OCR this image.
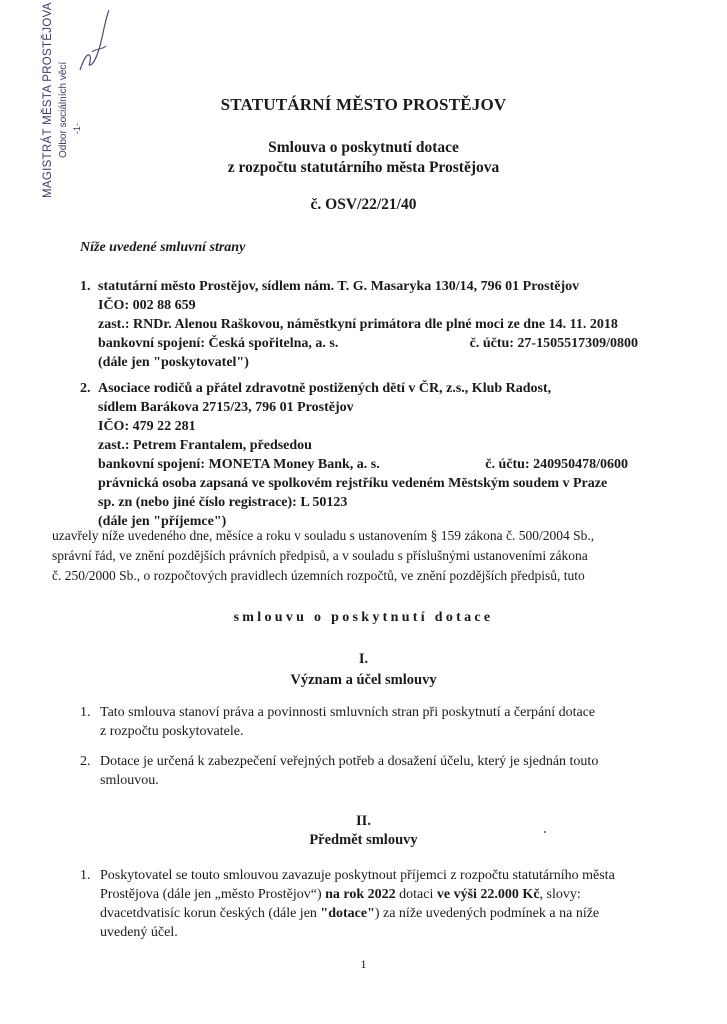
MAGISTRÁT MĚSTA PROSTĚJOVA Odbor sociálních věcí -1-
STATUTÁRNÍ MĚSTO PROSTĚJOV
Smlouva o poskytnutí dotace
z rozpočtu statutárního města Prostějova
č. OSV/22/21/40
Níže uvedené smluvní strany
1. statutární město Prostějov, sídlem nám. T. G. Masaryka 130/14, 796 01 Prostějov
IČO: 002 88 659
zast.: RNDr. Alenou Raškovou, náměstkyní primátora dle plné moci ze dne 14. 11. 2018
bankovní spojení: Česká spořitelna, a. s.	č. účtu: 27-1505517309/0800
(dále jen "poskytovatel")
2. Asociace rodičů a přátel zdravotně postižených dětí v ČR, z.s., Klub Radost,
sídlem Barákova 2715/23, 796 01 Prostějov
IČO: 479 22 281
zast.: Petrem Frantalem, předsedou
bankovní spojení: MONETA Money Bank, a. s.	č. účtu: 240950478/0600
právnická osoba zapsaná ve spolkovém rejstříku vedeném Městským soudem v Praze
sp. zn (nebo jiné číslo registrace): L 50123
(dále jen "příjemce")
uzavřely níže uvedeného dne, měsíce a roku v souladu s ustanovením § 159 zákona č. 500/2004 Sb.,
správní řád, ve znění pozdějších právních předpisů, a v souladu s příslušnými ustanoveními zákona
č. 250/2000 Sb., o rozpočtových pravidlech územních rozpočtů, ve znění pozdějších předpisů, tuto
smlouvu o poskytnutí dotace
I.
Význam a účel smlouvy
1. Tato smlouva stanoví práva a povinnosti smluvních stran při poskytnutí a čerpání dotace
z rozpočtu poskytovatele.
2. Dotace je určená k zabezpečení veřejných potřeb a dosažení účelu, který je sjednán touto
smlouvou.
II.
Předmět smlouvy
1. Poskytovatel se touto smlouvou zavazuje poskytnout příjemci z rozpočtu statutárního města
Prostějova (dále jen „město Prostějov“) na rok 2022 dotaci ve výši 22.000 Kč, slovy:
dvacetdvatisíc korun českých (dále jen "dotace") za níže uvedených podmínek a na níže
uvedený účel.
1
